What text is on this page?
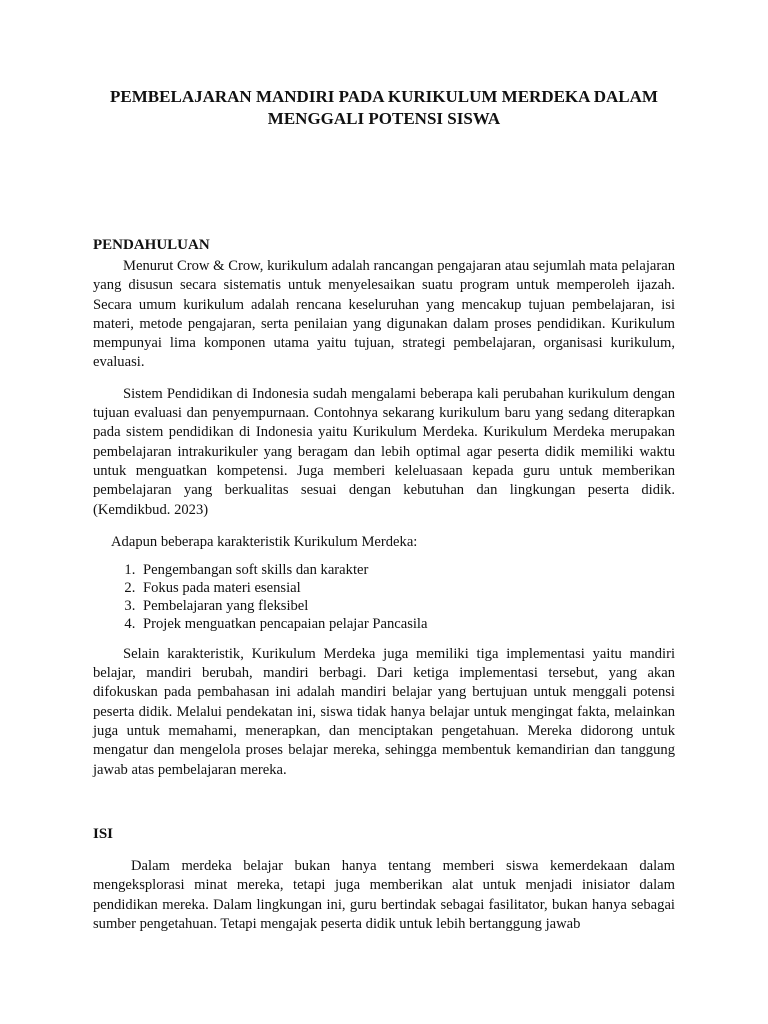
PEMBELAJARAN MANDIRI PADA KURIKULUM MERDEKA DALAM
MENGGALI POTENSI SISWA
PENDAHULUAN

Menurut Crow & Crow, kurikulum adalah rancangan pengajaran atau sejumlah mata pelajaran yang disusun secara sistematis untuk menyelesaikan suatu program untuk memperoleh ijazah. Secara umum kurikulum adalah rencana keseluruhan yang mencakup tujuan pembelajaran, isi materi, metode pengajaran, serta penilaian yang digunakan dalam proses pendidikan. Kurikulum mempunyai lima komponen utama yaitu tujuan, strategi pembelajaran, organisasi kurikulum, evaluasi.

Sistem Pendidikan di Indonesia sudah mengalami beberapa kali perubahan kurikulum dengan tujuan evaluasi dan penyempurnaan. Contohnya sekarang kurikulum baru yang sedang diterapkan pada sistem pendidikan di Indonesia yaitu Kurikulum Merdeka. Kurikulum Merdeka merupakan pembelajaran intrakurikuler yang beragam dan lebih optimal agar peserta didik memiliki waktu untuk menguatkan kompetensi. Juga memberi keleluasaan kepada guru untuk memberikan pembelajaran yang berkualitas sesuai dengan kebutuhan dan lingkungan peserta didik. (Kemdikbud. 2023)

Adapun beberapa karakteristik Kurikulum Merdeka:

1. Pengembangan soft skills dan karakter
2. Fokus pada materi esensial
3. Pembelajaran yang fleksibel
4. Projek menguatkan pencapaian pelajar Pancasila

Selain karakteristik, Kurikulum Merdeka juga memiliki tiga implementasi yaitu mandiri belajar, mandiri berubah, mandiri berbagi. Dari ketiga implementasi tersebut, yang akan difokuskan pada pembahasan ini adalah mandiri belajar yang bertujuan untuk menggali potensi peserta didik. Melalui pendekatan ini, siswa tidak hanya belajar untuk mengingat fakta, melainkan juga untuk memahami, menerapkan, dan menciptakan pengetahuan. Mereka didorong untuk mengatur dan mengelola proses belajar mereka, sehingga membentuk kemandirian dan tanggung jawab atas pembelajaran mereka.

ISI

Dalam merdeka belajar bukan hanya tentang memberi siswa kemerdekaan dalam mengeksplorasi minat mereka, tetapi juga memberikan alat untuk menjadi inisiator dalam pendidikan mereka. Dalam lingkungan ini, guru bertindak sebagai fasilitator, bukan hanya sebagai sumber pengetahuan. Tetapi mengajak peserta didik untuk lebih bertanggung jawab
